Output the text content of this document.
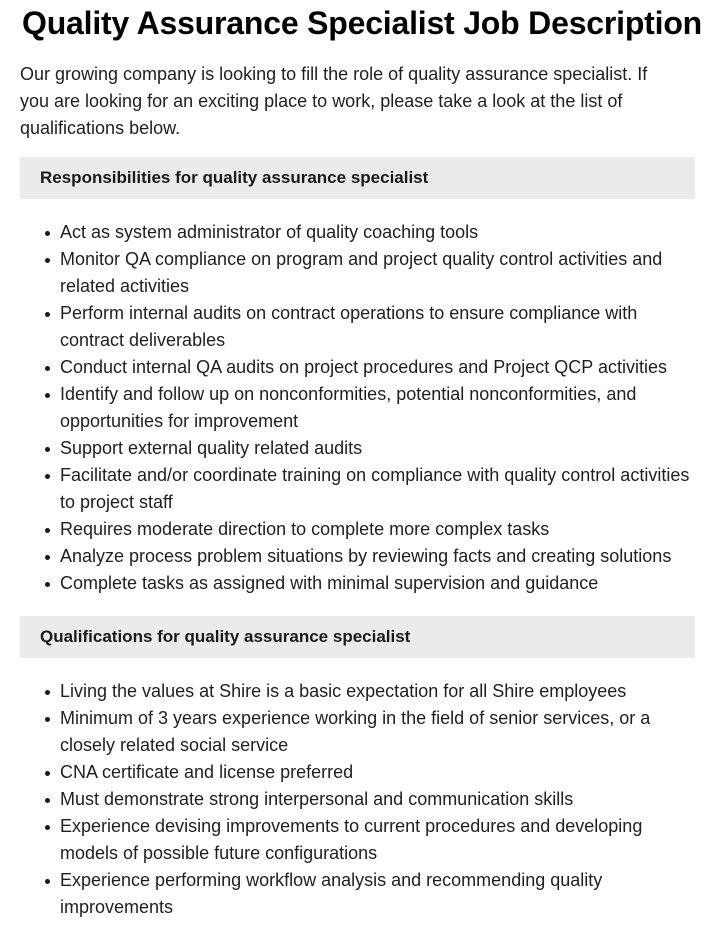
Quality Assurance Specialist Job Description

Our growing company is looking to fill the role of quality assurance specialist. If you are looking for an exciting place to work, please take a look at the list of qualifications below.

Responsibilities for quality assurance specialist
Act as system administrator of quality coaching tools
Monitor QA compliance on program and project quality control activities and related activities
Perform internal audits on contract operations to ensure compliance with contract deliverables
Conduct internal QA audits on project procedures and Project QCP activities
Identify and follow up on nonconformities, potential nonconformities, and opportunities for improvement
Support external quality related audits
Facilitate and/or coordinate training on compliance with quality control activities to project staff
Requires moderate direction to complete more complex tasks
Analyze process problem situations by reviewing facts and creating solutions
Complete tasks as assigned with minimal supervision and guidance
Qualifications for quality assurance specialist
Living the values at Shire is a basic expectation for all Shire employees
Minimum of 3 years experience working in the field of senior services, or a closely related social service
CNA certificate and license preferred
Must demonstrate strong interpersonal and communication skills
Experience devising improvements to current procedures and developing models of possible future configurations
Experience performing workflow analysis and recommending quality improvements
